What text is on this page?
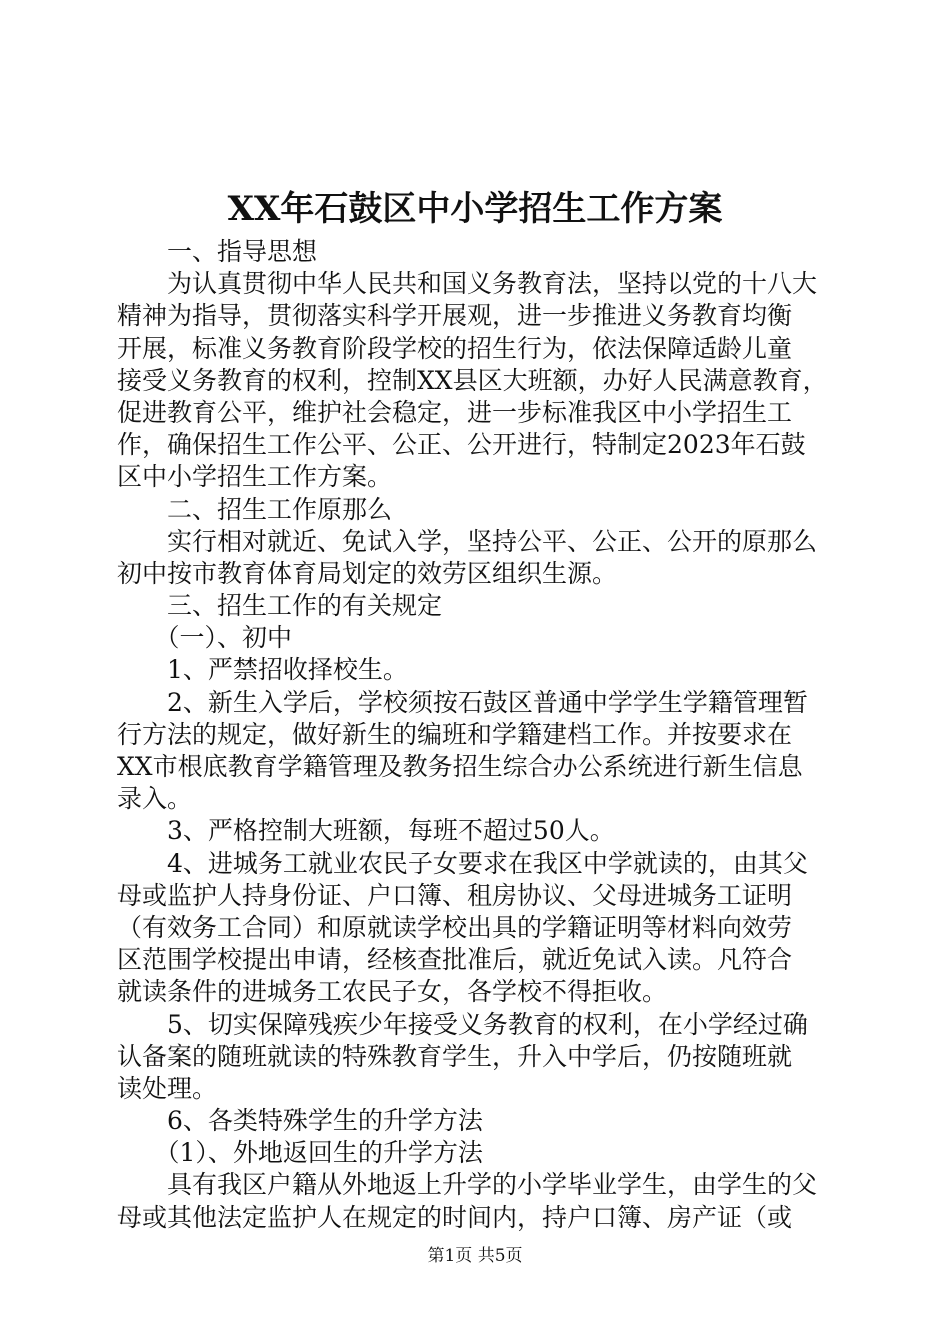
XX年石鼓区中小学招生工作方案
　　一、指导思想
　　为认真贯彻中华人民共和国义务教育法，坚持以党的十八大
精神为指导，贯彻落实科学开展观，进一步推进义务教育均衡
开展，标准义务教育阶段学校的招生行为，依法保障适龄儿童
接受义务教育的权利，控制XX县区大班额，办好人民满意教育，
促进教育公平，维护社会稳定，进一步标准我区中小学招生工
作，确保招生工作公平、公正、公开进行，特制定2023年石鼓
区中小学招生工作方案。
　　二、招生工作原那么
　　实行相对就近、免试入学，坚持公平、公正、公开的原那么
初中按市教育体育局划定的效劳区组织生源。
　　三、招生工作的有关规定
　　（一）、初中
　　1、严禁招收择校生。
　　2、新生入学后，学校须按石鼓区普通中学学生学籍管理暂
行方法的规定，做好新生的编班和学籍建档工作。并按要求在
XX市根底教育学籍管理及教务招生综合办公系统进行新生信息
录入。
　　3、严格控制大班额，每班不超过50人。
　　4、进城务工就业农民子女要求在我区中学就读的，由其父
母或监护人持身份证、户口簿、租房协议、父母进城务工证明
（有效务工合同）和原就读学校出具的学籍证明等材料向效劳
区范围学校提出申请，经核查批准后，就近免试入读。凡符合
就读条件的进城务工农民子女，各学校不得拒收。
　　5、切实保障残疾少年接受义务教育的权利，在小学经过确
认备案的随班就读的特殊教育学生，升入中学后，仍按随班就
读处理。
　　6、各类特殊学生的升学方法
　　（1）、外地返回生的升学方法
　　具有我区户籍从外地返上升学的小学毕业学生，由学生的父
母或其他法定监护人在规定的时间内，持户口簿、房产证（或
第1页 共5页
